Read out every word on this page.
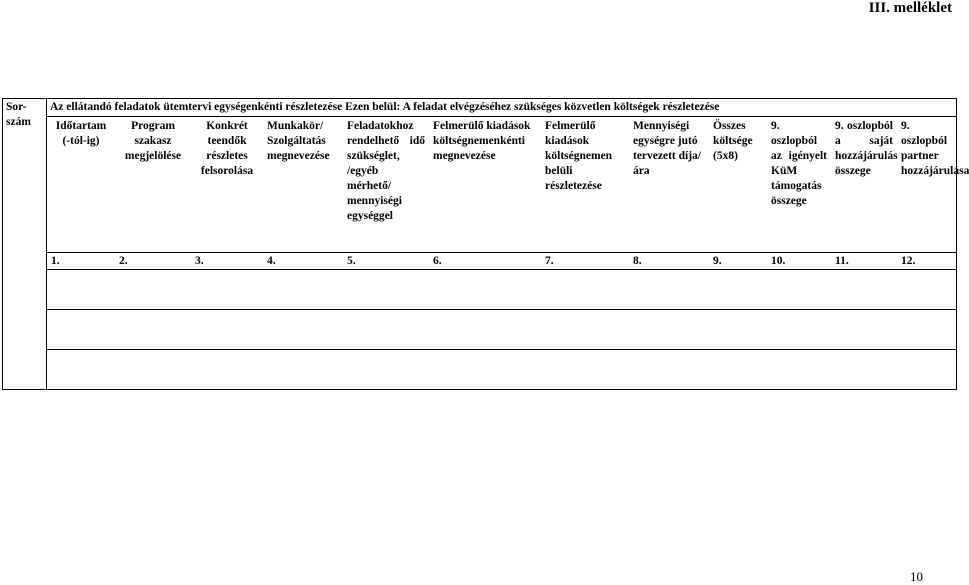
III. melléklet
Sor-szám	Az ellátandó feladatok ütemtervi egységenkénti részletezése Ezen belül: A feladat elvégzéséhez szükséges közvetlen költségek részletezése

Időtartam (-tól-ig)	Program szakasz megjelölése	Konkrét teendők részletes felsorolása	Munkakör/ Szolgáltatás megnevezése	Feladatokhoz rendelhető idő szükséglet, /egyéb mérhető/ mennyiségi egységgel	Felmerülő kiadások költségnemenkénti megnevezése	Felmerülő kiadások költségnemen belüli részletezése	Mennyiségi egységre jutó tervezett díja/ára	Összes költsége (5x8)	9. oszlopból az igényelt KüM támogatás összege	9. oszlopból a saját hozzájárulás összege	9. oszlopból partner hozzájárulása

1.	2.	3.	4.	5.	6.	7.	8.	9.	10.	11.	12.

10
